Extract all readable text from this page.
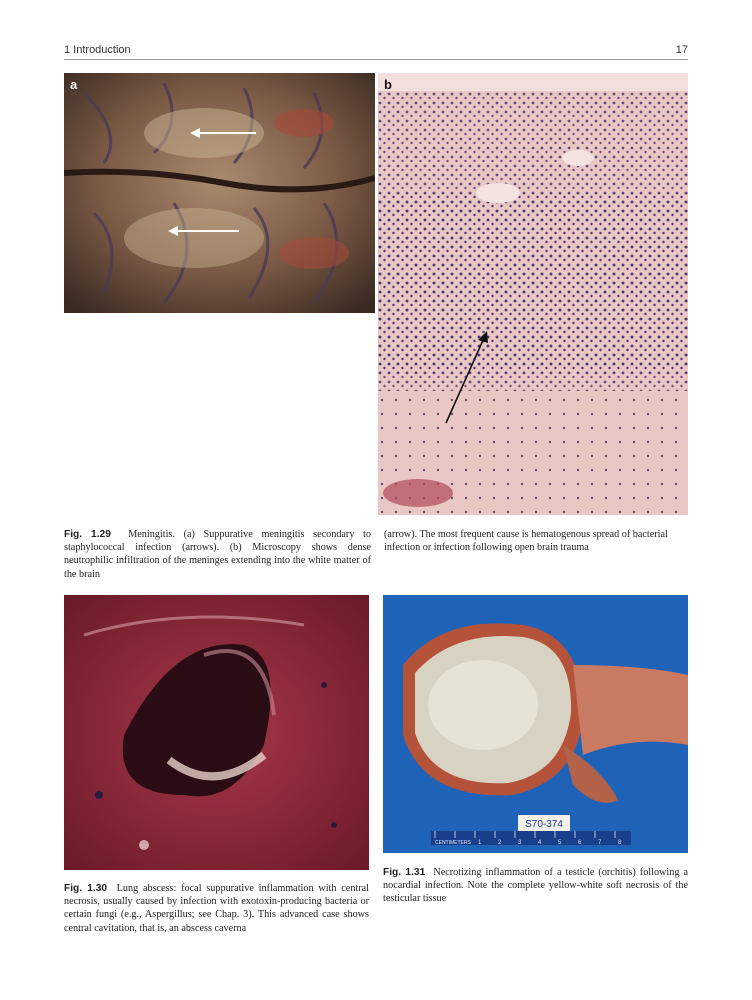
1 Introduction	17
a	b

Fig. 1.29 Meningitis. (a) Suppurative meningitis secondary to staphylococcal infection (arrows). (b) Microscopy shows dense neutrophilic infiltration of the meninges extending into the white matter of the brain

(arrow). The most frequent cause is hematogenous spread of bacterial infection or infection following open brain trauma

S70-374
CENTIMETERS 1	2	3	4	5	6	7	8

Fig. 1.30 Lung abscess: focal suppurative inflammation with central necrosis, usually caused by infection with exotoxin-producing bacteria or certain fungi (e.g., Aspergillus; see Chap. 3). This advanced case shows central cavitation, that is, an abscess caverna

Fig. 1.31 Necrotizing inflammation of a testicle (orchitis) following a nocardial infection. Note the complete yellow-white soft necrosis of the testicular tissue
